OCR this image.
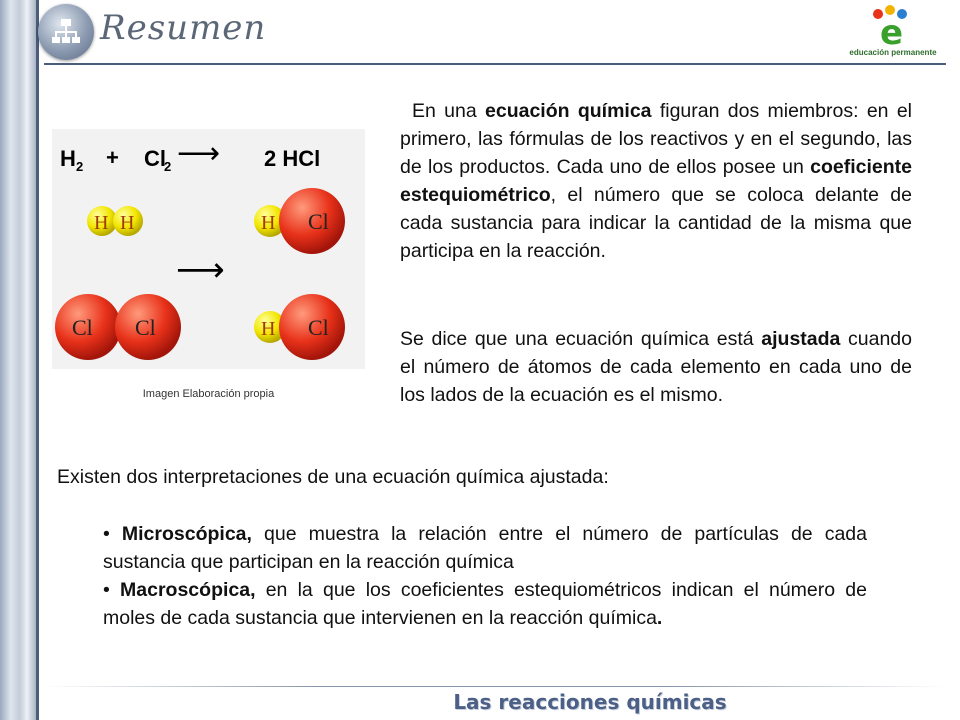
Resumen	e
educación permanente
H 2 + Cl
2 ⟶ 2 HCl
H H
Cl Cl
⟶
H Cl
H Cl
Imagen Elaboración propia
En una ecuación química figuran dos miembros: en el primero, las fórmulas de los reactivos y en el segundo, las de los productos. Cada uno de ellos posee un coeficiente estequiométrico, el número que se coloca delante de cada sustancia para indicar la cantidad de la misma que participa en la reacción.
Se dice que una ecuación química está ajustada cuando el número de átomos de cada elemento en cada uno de los lados de la ecuación es el mismo.
Existen dos interpretaciones de una ecuación química ajustada:

• Microscópica, que muestra la relación entre el número de partículas de cada sustancia que participan en la reacción química

• Macroscópica, en la que los coeficientes estequiométricos indican el número de moles de cada sustancia que intervienen en la reacción química.

Las reacciones químicas
